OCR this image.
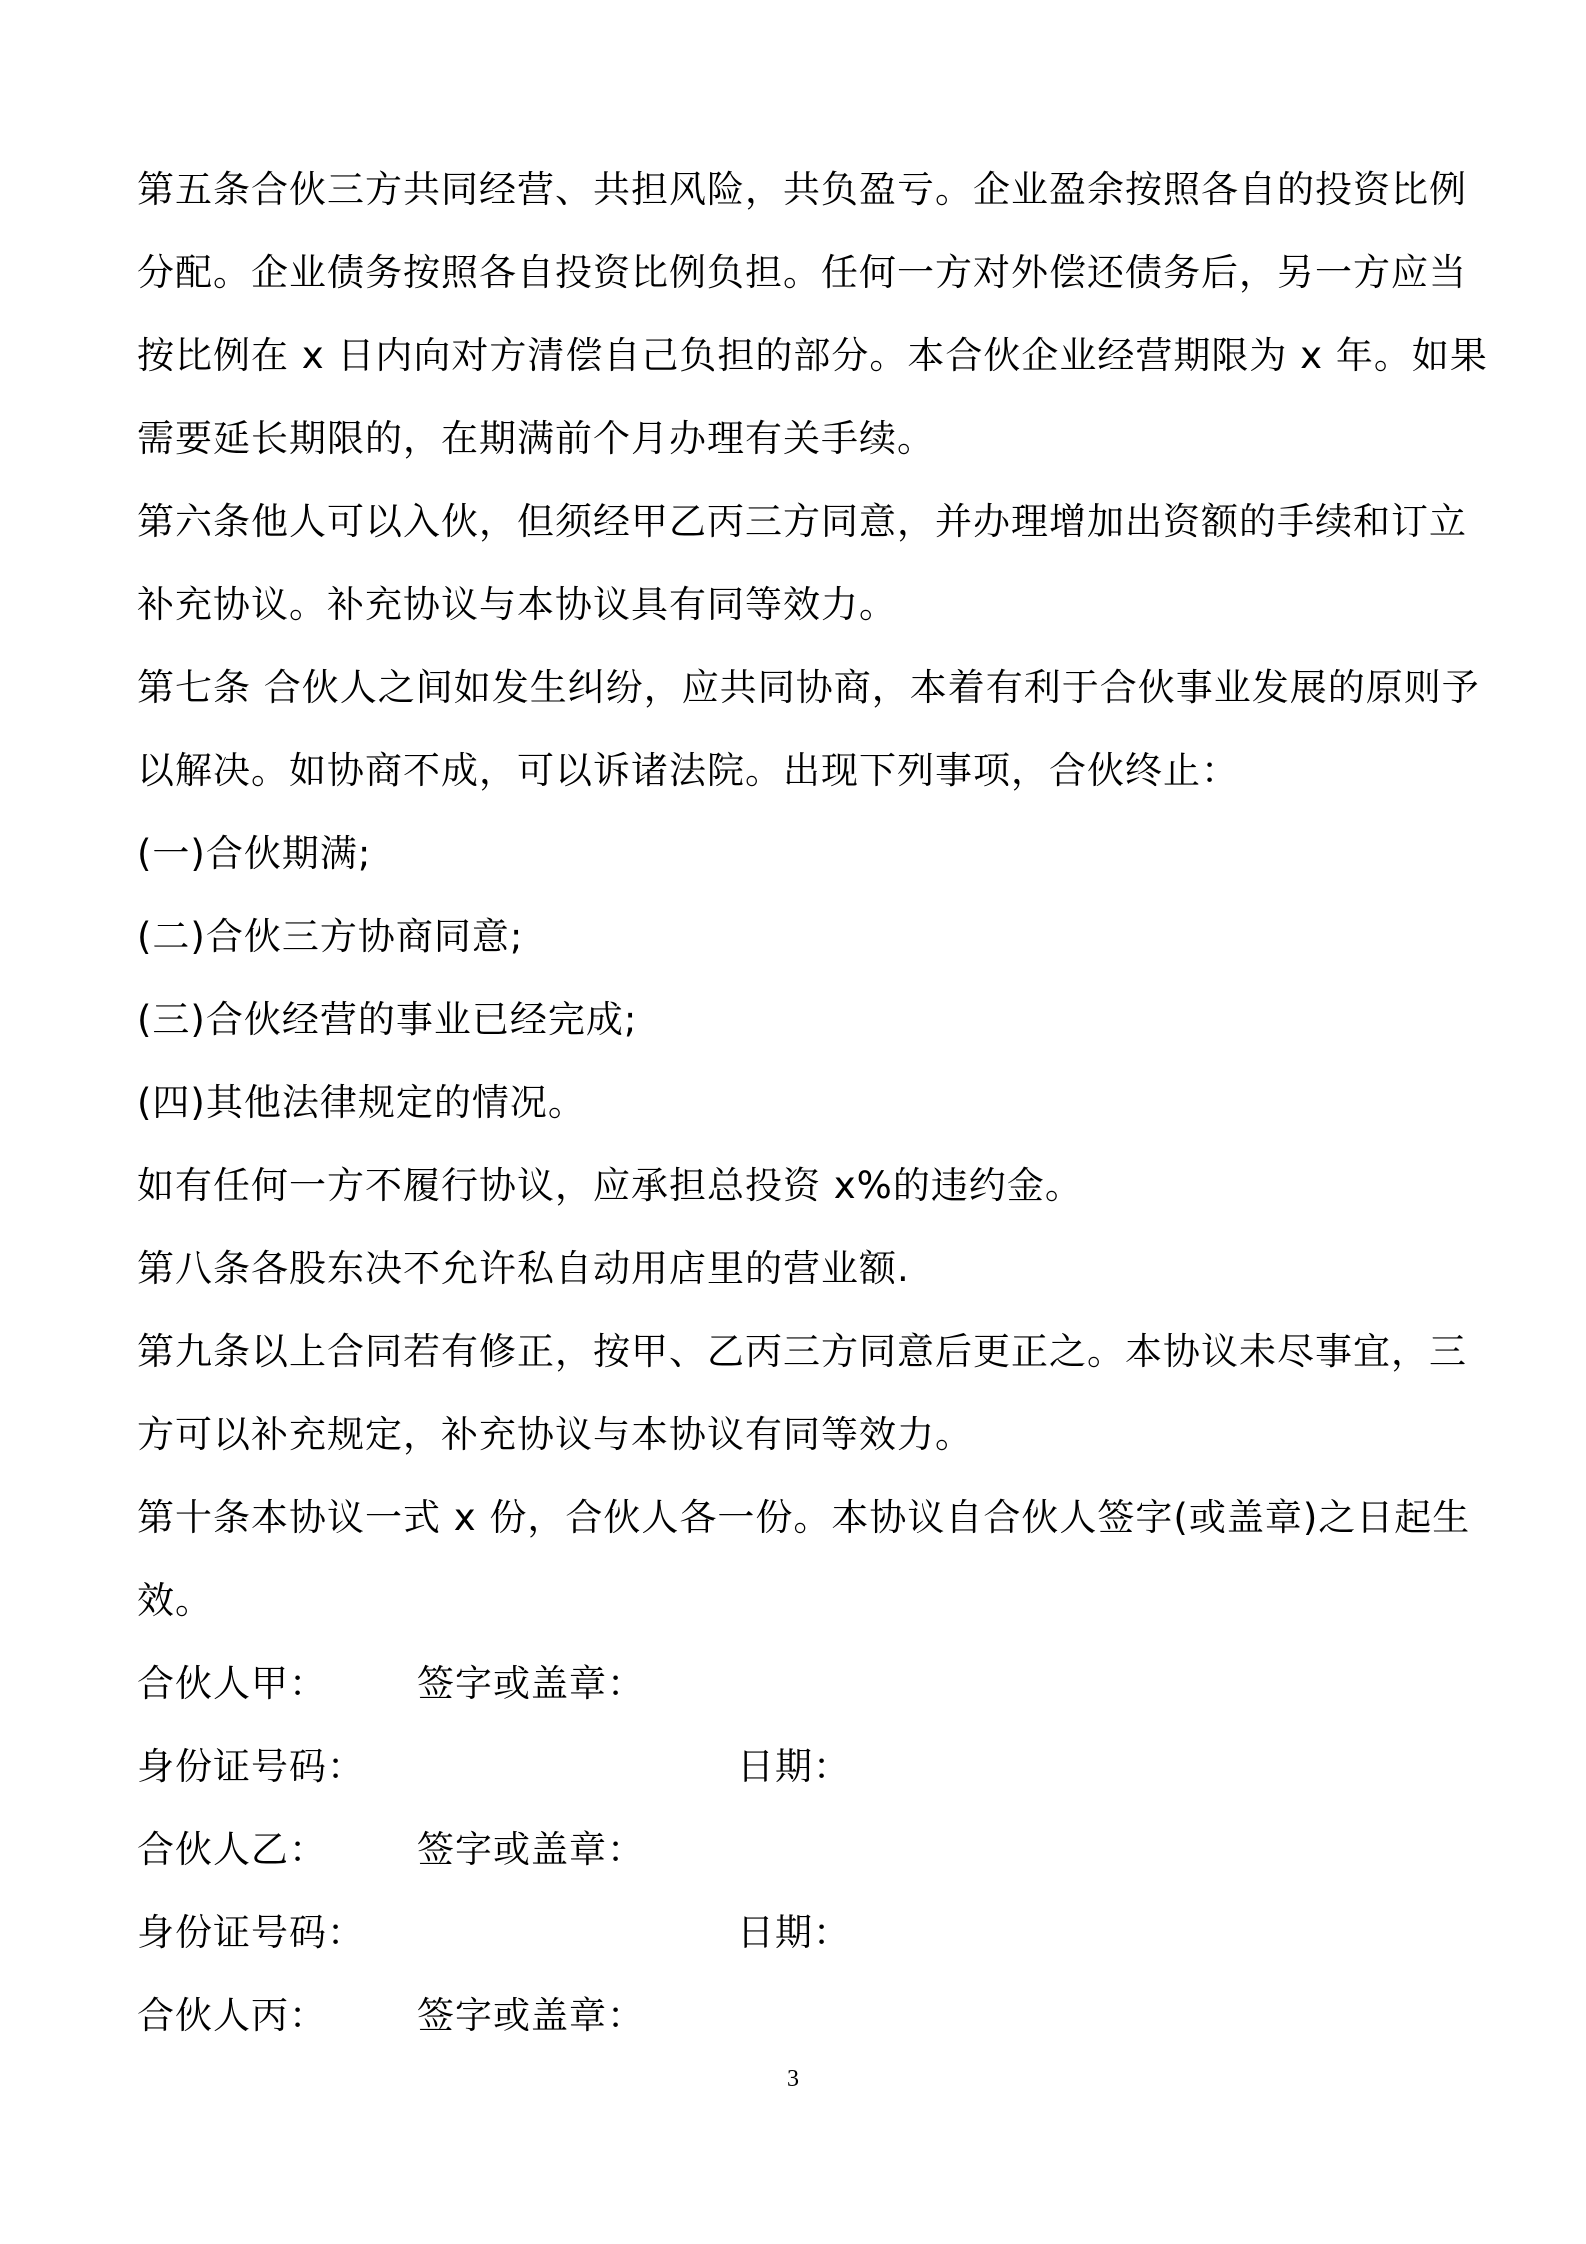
第五条合伙三方共同经营、共担风险，共负盈亏。企业盈余按照各自的投资比例
分配。企业债务按照各自投资比例负担。任何一方对外偿还债务后，另一方应当
按比例在 x 日内向对方清偿自己负担的部分。本合伙企业经营期限为 x 年。如果
需要延长期限的，在期满前个月办理有关手续。
第六条他人可以入伙，但须经甲乙丙三方同意，并办理增加出资额的手续和订立
补充协议。补充协议与本协议具有同等效力。
第七条 合伙人之间如发生纠纷，应共同协商，本着有利于合伙事业发展的原则予
以解决。如协商不成，可以诉诸法院。出现下列事项，合伙终止：
(一)合伙期满;
(二)合伙三方协商同意;
(三)合伙经营的事业已经完成;
(四)其他法律规定的情况。
如有任何一方不履行协议，应承担总投资 x%的违约金。
第八条各股东决不允许私自动用店里的营业额.
第九条以上合同若有修正，按甲、乙丙三方同意后更正之。本协议未尽事宜，三
方可以补充规定，补充协议与本协议有同等效力。
第十条本协议一式 x 份，合伙人各一份。本协议自合伙人签字(或盖章)之日起生
效。
合伙人甲： 签字或盖章：
身份证号码：	日期：
合伙人乙： 签字或盖章：
身份证号码：	日期：
合伙人丙： 签字或盖章：
3
